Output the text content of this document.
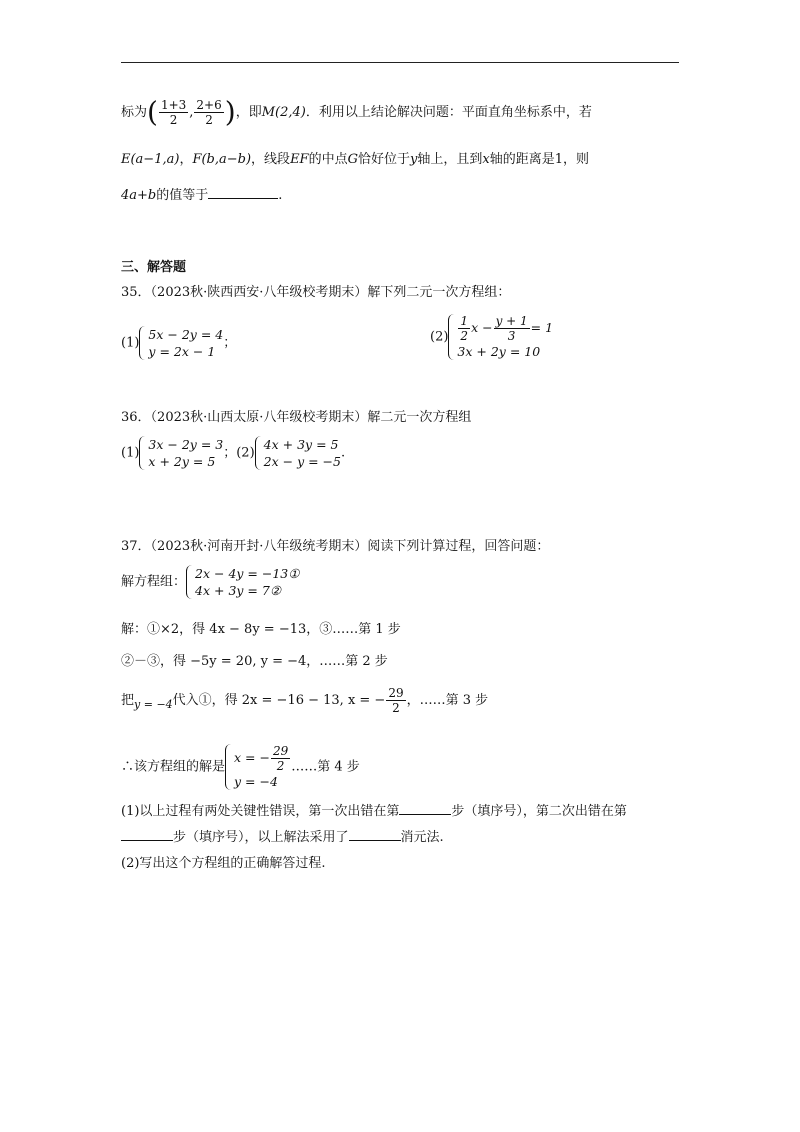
标为( $\frac{1+3}{2}$ , $\frac{2+6}{2}$ )，即M(2,4)．利用以上结论解决问题：平面直角坐标系中，若
E(a−1,a)，F(b,a−b)，线段EF的中点G恰好位于y轴上，且到x轴的距离是1，则
4a+b的值等于	.
三、解答题
35．（2023秋·陕西西安·八年级校考期末）解下列二元一次方程组：
(1)
5x − 2y = 4
y = 2x − 1
；	$(2) \frac{1}{2}$ $x - \frac{y + 1}{3} = 1$
3x + 2y = 10
36．（2023秋·山西太原·八年级校考期末）解二元一次方程组
(1)
3x − 2y = 3
x + 2y = 5
；(2)
4x + 3y = 5
2x − y = −5
.
37．（2023秋·河南开封·八年级统考期末）阅读下列计算过程，回答问题：
解方程组：
2x − 4y = −13①
4x + 3y = 7②
解：①×2，得 4x − 8y = −13，③……第 1 步
②－③，得 −5y = 20, y = −4，……第 2 步
把$_{y = -4}$代入①，得 2x = −16 − 13, x = − $\frac{29}{2}$ ，……第 3 步
∴该方程组的解是
x = − $\frac{29}{2}$
y = −4
……第 4 步
(1)以上过程有两处关键性错误，第一次出错在第	步（填序号），第二次出错在第
步（填序号），以上解法采用了	消元法.
(2)写出这个方程组的正确解答过程.
